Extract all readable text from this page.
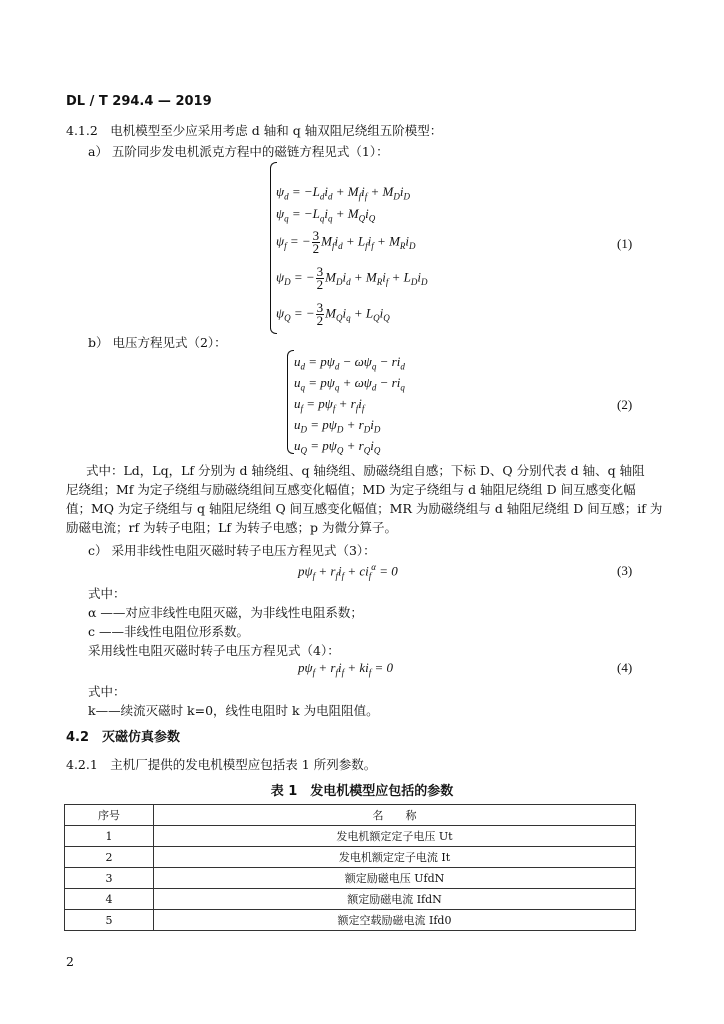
DL / T 294.4 — 2019
4.1.2　电机模型至少应采用考虑 d 轴和 q 轴双阻尼绕组五阶模型：
a） 五阶同步发电机派克方程中的磁链方程见式（1）：
$\psi_d = -L_di_d + M_fi_f + M_Di_D$
$\psi_q = -L_qi_q + M_Qi_Q$
$\psi_f$ = − $\frac{3}{2} M_fi_d + L_fi_f + M_Ri_D$
$\psi_D$ = − $\frac{3}{2} M_Di_d + M_Ri_f + L_Di_D$
$\psi_Q$ = − $\frac{3}{2} M_Qi_q + L_Qi_Q$
(1)
b） 电压方程见式（2）：
$u_d = p\psi_d - \omega\psi_q - ri_d$
$u_q = p\psi_q + \omega\psi_d - ri_q$
$u_f = p\psi_f + r_fi_f$
$u_D = p\psi_D + r_Di_D$
$u_Q = p\psi_Q + r_Qi_Q$
(2)
式中：Ld，Lq，Lf 分别为 d 轴绕组、q 轴绕组、励磁绕组自感；下标 D、Q 分别代表 d 轴、q 轴阻
尼绕组；Mf 为定子绕组与励磁绕组间互感变化幅值；MD 为定子绕组与 d 轴阻尼绕组 D 间互感变化幅
值；MQ 为定子绕组与 q 轴阻尼绕组 Q 间互感变化幅值；MR 为励磁绕组与 d 轴阻尼绕组 D 间互感；if 为
励磁电流；rf 为转子电阻；Lf 为转子电感；p 为微分算子。
c） 采用非线性电阻灭磁时转子电压方程见式（3）：
$p\psi_f + r_fi_f + ci_f^\alpha = 0$	(3)
式中：
α ——对应非线性电阻灭磁，为非线性电阻系数；
c ——非线性电阻位形系数。
采用线性电阻灭磁时转子电压方程见式（4）：
$p\psi_f + r_fi_f + ki_f = 0$	(4)
式中：
k——续流灭磁时 k=0，线性电阻时 k 为电阻阻值。
4.2　灭磁仿真参数
4.2.1　主机厂提供的发电机模型应包括表 1 所列参数。
表 1　发电机模型应包括的参数
序号	名　　称
1	发电机额定定子电压 Ut
2	发电机额定定子电流 It
3	额定励磁电压 UfdN
4	额定励磁电流 IfdN
5	额定空载励磁电流 Ifd0
2
